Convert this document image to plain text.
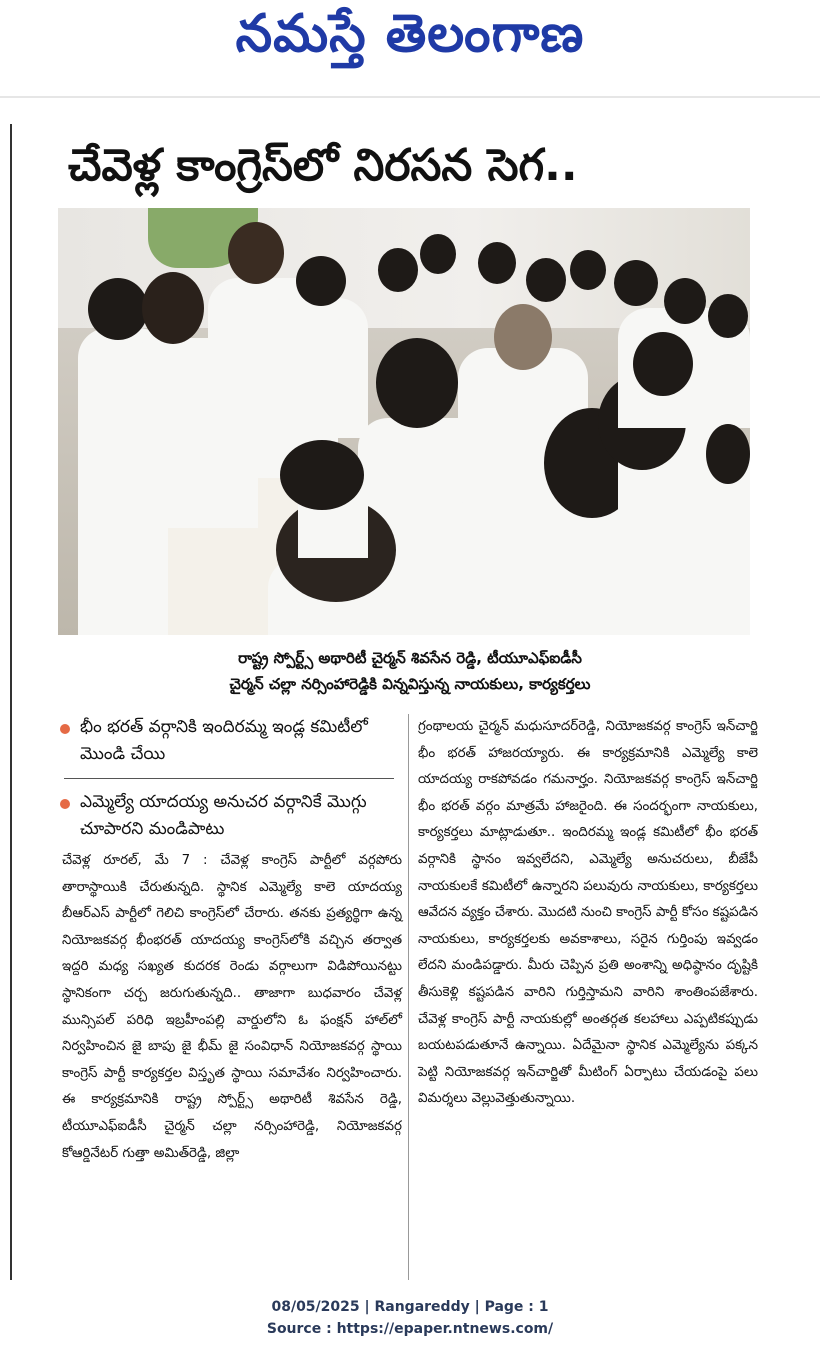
నమస్తే తెలంగాణ
చేవెళ్ల కాంగ్రెస్‌లో నిరసన సెగ..
రాష్ట్ర స్పోర్ట్స్ అథారిటీ చైర్మన్ శివసేన రెడ్డి, టీయూఎఫ్ఐడీసీ
చైర్మన్ చల్లా నర్సింహారెడ్డికి విన్నవిస్తున్న నాయకులు, కార్యకర్తలు
భీం భరత్ వర్గానికి ఇందిరమ్మ ఇండ్ల కమిటీలో మొండి చేయి
ఎమ్మెల్యే యాదయ్య అనుచర వర్గానికే మొగ్గు చూపారని మండిపాటు
చేవెళ్ల రూరల్, మే 7 : చేవెళ్ల కాంగ్రెస్ పార్టీలో వర్గపోరు తారాస్థాయికి చేరుతున్నది. స్థానిక ఎమ్మెల్యే కాలె యాదయ్య బీఆర్ఎస్ పార్టీలో గెలిచి కాంగ్రెస్‌లో చేరారు. తనకు ప్రత్యర్థిగా ఉన్న నియోజకవర్గ భీంభరత్ యాదయ్య కాంగ్రెస్‌లోకి వచ్చిన తర్వాత ఇద్దరి మధ్య సఖ్యత కుదరక రెండు వర్గాలుగా విడిపోయినట్టు స్థానికంగా చర్చ జరుగుతున్నది.. తాజాగా బుధవారం చేవెళ్ల మున్సిపల్ పరిధి ఇబ్రహీంపల్లి వార్డులోని ఓ ఫంక్షన్ హాల్‌లో నిర్వహించిన జై బాపు జై భీమ్ జై సంవిధాన్ నియోజకవర్గ స్థాయి కాంగ్రెస్ పార్టీ కార్యకర్తల విస్తృత స్థాయి సమావేశం నిర్వహించారు. ఈ కార్యక్రమానికి రాష్ట్ర స్పోర్ట్స్ అథారిటీ శివసేన రెడ్డి, టీయూఎఫ్ఐడీసీ చైర్మన్ చల్లా నర్సింహారెడ్డి, నియోజకవర్గ కోఆర్డినేటర్ గుత్తా అమిత్‌రెడ్డి, జిల్లా
గ్రంథాలయ చైర్మన్ మధుసూదర్‌రెడ్డి, నియోజకవర్గ కాంగ్రెస్ ఇన్‌చార్జి భీం భరత్ హాజరయ్యారు. ఈ కార్యక్రమానికి ఎమ్మెల్యే కాలె యాదయ్య రాకపోవడం గమనార్హం. నియోజకవర్గ కాంగ్రెస్ ఇన్‌చార్జి భీం భరత్ వర్గం మాత్రమే హాజరైంది. ఈ సందర్భంగా నాయకులు, కార్యకర్తలు మాట్లాడుతూ.. ఇందిరమ్మ ఇండ్ల కమిటీలో భీం భరత్ వర్గానికి స్థానం ఇవ్వలేదని, ఎమ్మెల్యే అనుచరులు, బీజేపీ నాయకులకే కమిటీలో ఉన్నారని పలువురు నాయకులు, కార్యకర్తలు ఆవేదన వ్యక్తం చేశారు. మొదటి నుంచి కాంగ్రెస్ పార్టీ కోసం కష్టపడిన నాయకులు, కార్యకర్తలకు అవకాశాలు, సరైన గుర్తింపు ఇవ్వడం లేదని మండిపడ్డారు. మీరు చెప్పిన ప్రతి అంశాన్ని అధిష్ఠానం దృష్టికి తీసుకెళ్లి కష్టపడిన వారిని గుర్తిస్తామని వారిని శాంతింపజేశారు. చేవెళ్ల కాంగ్రెస్ పార్టీ నాయకుల్లో అంతర్గత కలహాలు ఎప్పటికప్పుడు బయటపడుతూనే ఉన్నాయి. ఏదేమైనా స్థానిక ఎమ్మెల్యేను పక్కన పెట్టి నియోజకవర్గ ఇన్‌చార్జితో మీటింగ్ ఏర్పాటు చేయడంపై పలు విమర్శలు వెల్లువెత్తుతున్నాయి.
08/05/2025 | Rangareddy | Page : 1
Source : https://epaper.ntnews.com/
